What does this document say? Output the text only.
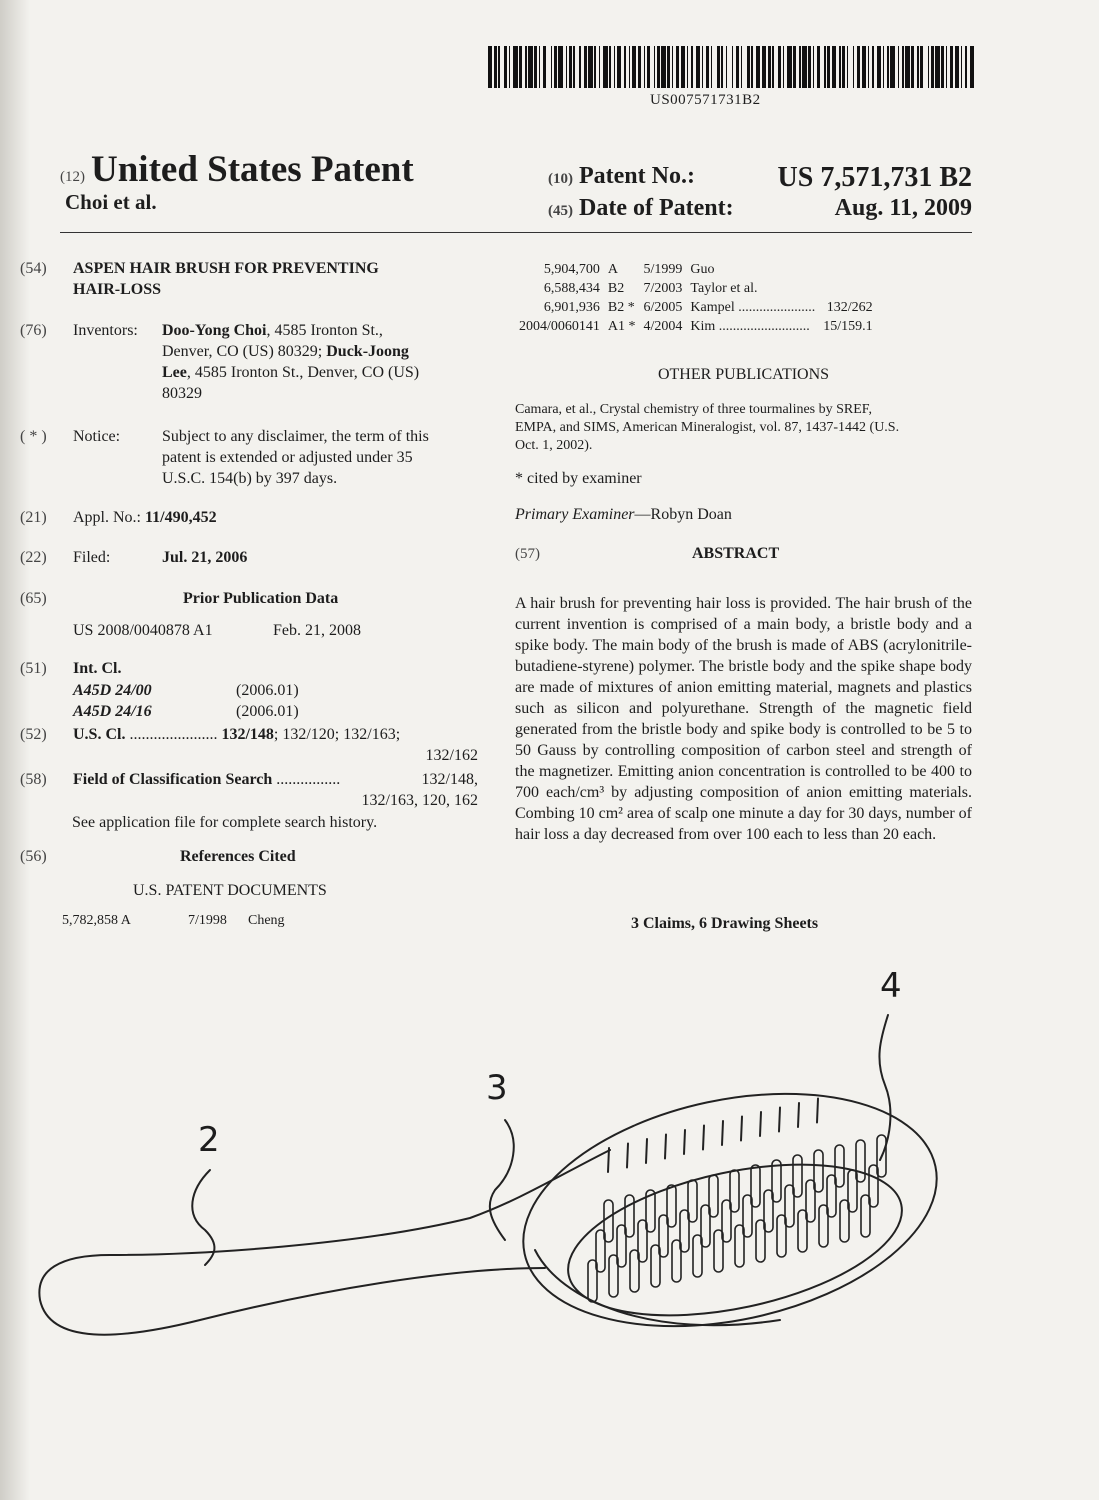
US007571731B2
(12) United States Patent
Choi et al.
(10) Patent No.:	US 7,571,731 B2
(45) Date of Patent:	Aug. 11, 2009
(54) ASPEN HAIR BRUSH FOR PREVENTING
HAIR-LOSS
(76) Inventors: Doo-Yong Choi, 4585 Ironton St.,
Denver, CO (US) 80329; Duck-Joong
Lee, 4585 Ironton St., Denver, CO (US)
80329
( * ) Notice:	Subject to any disclaimer, the term of this
patent is extended or adjusted under 35
U.S.C. 154(b) by 397 days.
(21) Appl. No.: 11/490,452
(22) Filed:	Jul. 21, 2006
(65)	Prior Publication Data
US 2008/0040878 A1	Feb. 21, 2008
(51) Int. Cl.
A45D 24/00	(2006.01)
A45D 24/16	(2006.01)
(52) U.S. Cl. ...................... 132/148; 132/120; 132/163;
132/162
(58) Field of Classification Search ................	132/148,
132/163, 120, 162
See application file for complete search history.
(56)	References Cited
U.S. PATENT DOCUMENTS
5,782,858 A	7/1998 Cheng
5,904,700	A	5/1999	Guo	
6,588,434	B2	7/2003	Taylor et al.	
6,901,936	B2 *	6/2005	Kampel ......................	132/262
2004/0060141	A1 *	4/2004	Kim ..........................	15/159.1
OTHER PUBLICATIONS
Camara, et al., Crystal chemistry of three tourmalines by SREF,
EMPA, and SIMS, American Mineralogist, vol. 87, 1437-1442 (U.S.
Oct. 1, 2002).
* cited by examiner
Primary Examiner—Robyn Doan
(57)	ABSTRACT
A hair brush for preventing hair loss is provided. The hair brush of the current invention is comprised of a main body, a bristle body and a spike body. The main body of the brush is made of ABS (acrylonitrile-butadiene-styrene) polymer. The bristle body and the spike shape body are made of mixtures of anion emitting material, magnets and plastics such as silicon and polyurethane. Strength of the magnetic field generated from the bristle body and spike body is controlled to be 5 to 50 Gauss by controlling composition of carbon steel and strength of the magnetizer. Emitting anion concentration is controlled to be 400 to 700 each/cm³ by adjusting composition of anion emitting materials. Combing 10 cm² area of scalp one minute a day for 30 days, number of hair loss a day decreased from over 100 each to less than 20 each.
3 Claims, 6 Drawing Sheets
2
3
4
